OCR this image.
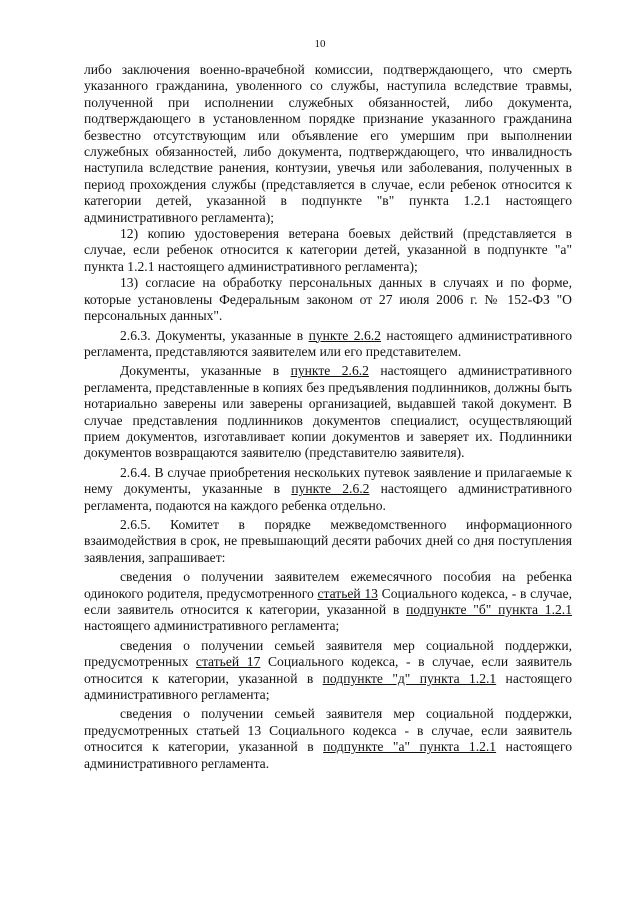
10

либо заключения военно-врачебной комиссии, подтверждающего, что смерть указанного гражданина, уволенного со службы, наступила вследствие травмы, полученной при исполнении служебных обязанностей, либо документа, подтверждающего в установленном порядке признание указанного гражданина безвестно отсутствующим или объявление его умершим при выполнении служебных обязанностей, либо документа, подтверждающего, что инвалидность наступила вследствие ранения, контузии, увечья или заболевания, полученных в период прохождения службы (представляется в случае, если ребенок относится к категории детей, указанной в подпункте "в" пункта 1.2.1 настоящего административного регламента);

12) копию удостоверения ветерана боевых действий (представляется в случае, если ребенок относится к категории детей, указанной в подпункте "а" пункта 1.2.1 настоящего административного регламента);

13) согласие на обработку персональных данных в случаях и по форме, которые установлены Федеральным законом от 27 июля 2006 г. № 152-ФЗ "О персональных данных".

2.6.3. Документы, указанные в пункте 2.6.2 настоящего административного регламента, представляются заявителем или его представителем.

Документы, указанные в пункте 2.6.2 настоящего административного регламента, представленные в копиях без предъявления подлинников, должны быть нотариально заверены или заверены организацией, выдавшей такой документ. В случае представления подлинников документов специалист, осуществляющий прием документов, изготавливает копии документов и заверяет их. Подлинники документов возвращаются заявителю (представителю заявителя).

2.6.4. В случае приобретения нескольких путевок заявление и прилагаемые к нему документы, указанные в пункте 2.6.2 настоящего административного регламента, подаются на каждого ребенка отдельно.

2.6.5. Комитет в порядке межведомственного информационного взаимодействия в срок, не превышающий десяти рабочих дней со дня поступления заявления, запрашивает:

сведения о получении заявителем ежемесячного пособия на ребенка одинокого родителя, предусмотренного статьей 13 Социального кодекса, - в случае, если заявитель относится к категории, указанной в подпункте "б" пункта 1.2.1 настоящего административного регламента;

сведения о получении семьей заявителя мер социальной поддержки, предусмотренных статьей 17 Социального кодекса, - в случае, если заявитель относится к категории, указанной в подпункте "д" пункта 1.2.1 настоящего административного регламента;

сведения о получении семьей заявителя мер социальной поддержки, предусмотренных статьей 13 Социального кодекса - в случае, если заявитель относится к категории, указанной в подпункте "а" пункта 1.2.1 настоящего административного регламента.
